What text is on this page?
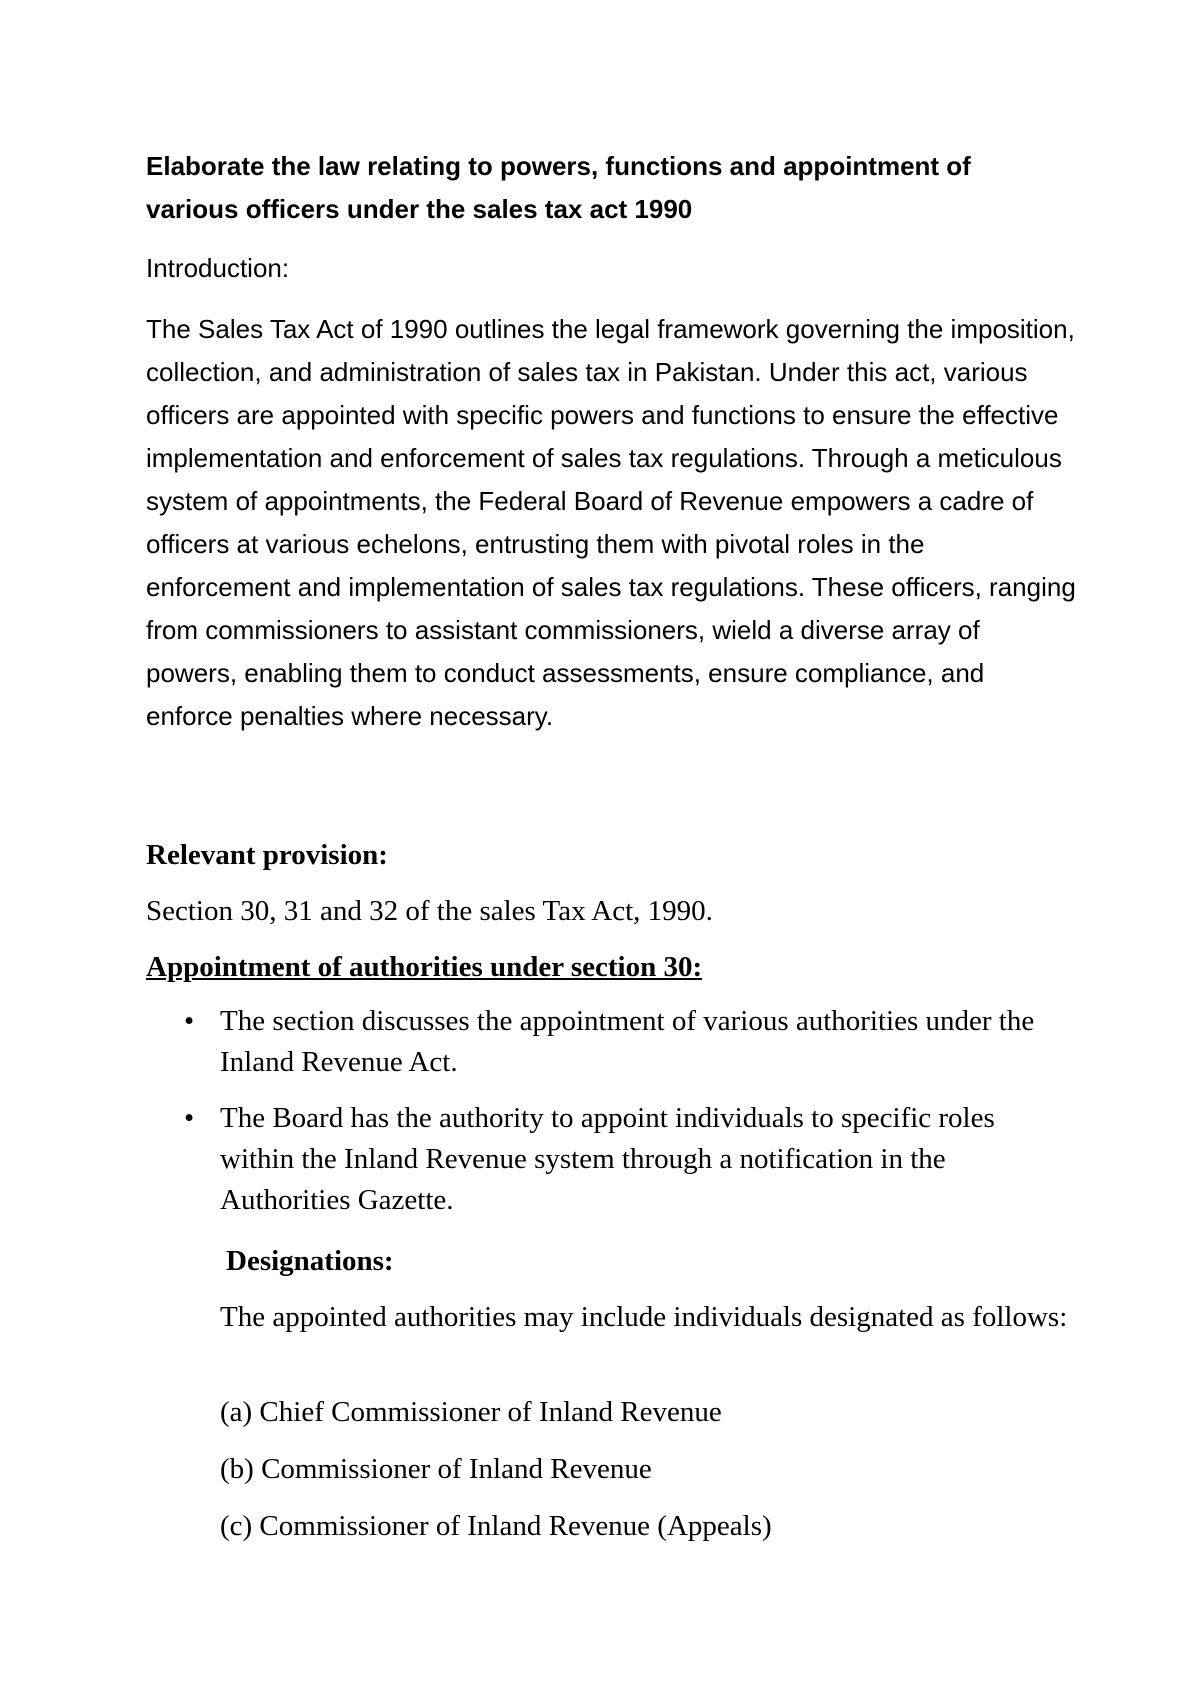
Elaborate the law relating to powers, functions and appointment of
various officers under the sales tax act 1990

Introduction:

The Sales Tax Act of 1990 outlines the legal framework governing the imposition, collection, and administration of sales tax in Pakistan. Under this act, various officers are appointed with specific powers and functions to ensure the effective implementation and enforcement of sales tax regulations. Through a meticulous system of appointments, the Federal Board of Revenue empowers a cadre of officers at various echelons, entrusting them with pivotal roles in the enforcement and implementation of sales tax regulations. These officers, ranging from commissioners to assistant commissioners, wield a diverse array of powers, enabling them to conduct assessments, ensure compliance, and enforce penalties where necessary.

Relevant provision:

Section 30, 31 and 32 of the sales Tax Act, 1990.

Appointment of authorities under section 30:

• The section discusses the appointment of various authorities under the Inland Revenue Act.
• The Board has the authority to appoint individuals to specific roles within the Inland Revenue system through a notification in the Authorities Gazette.

Designations:

The appointed authorities may include individuals designated as follows:

(a) Chief Commissioner of Inland Revenue

(b) Commissioner of Inland Revenue

(c) Commissioner of Inland Revenue (Appeals)
